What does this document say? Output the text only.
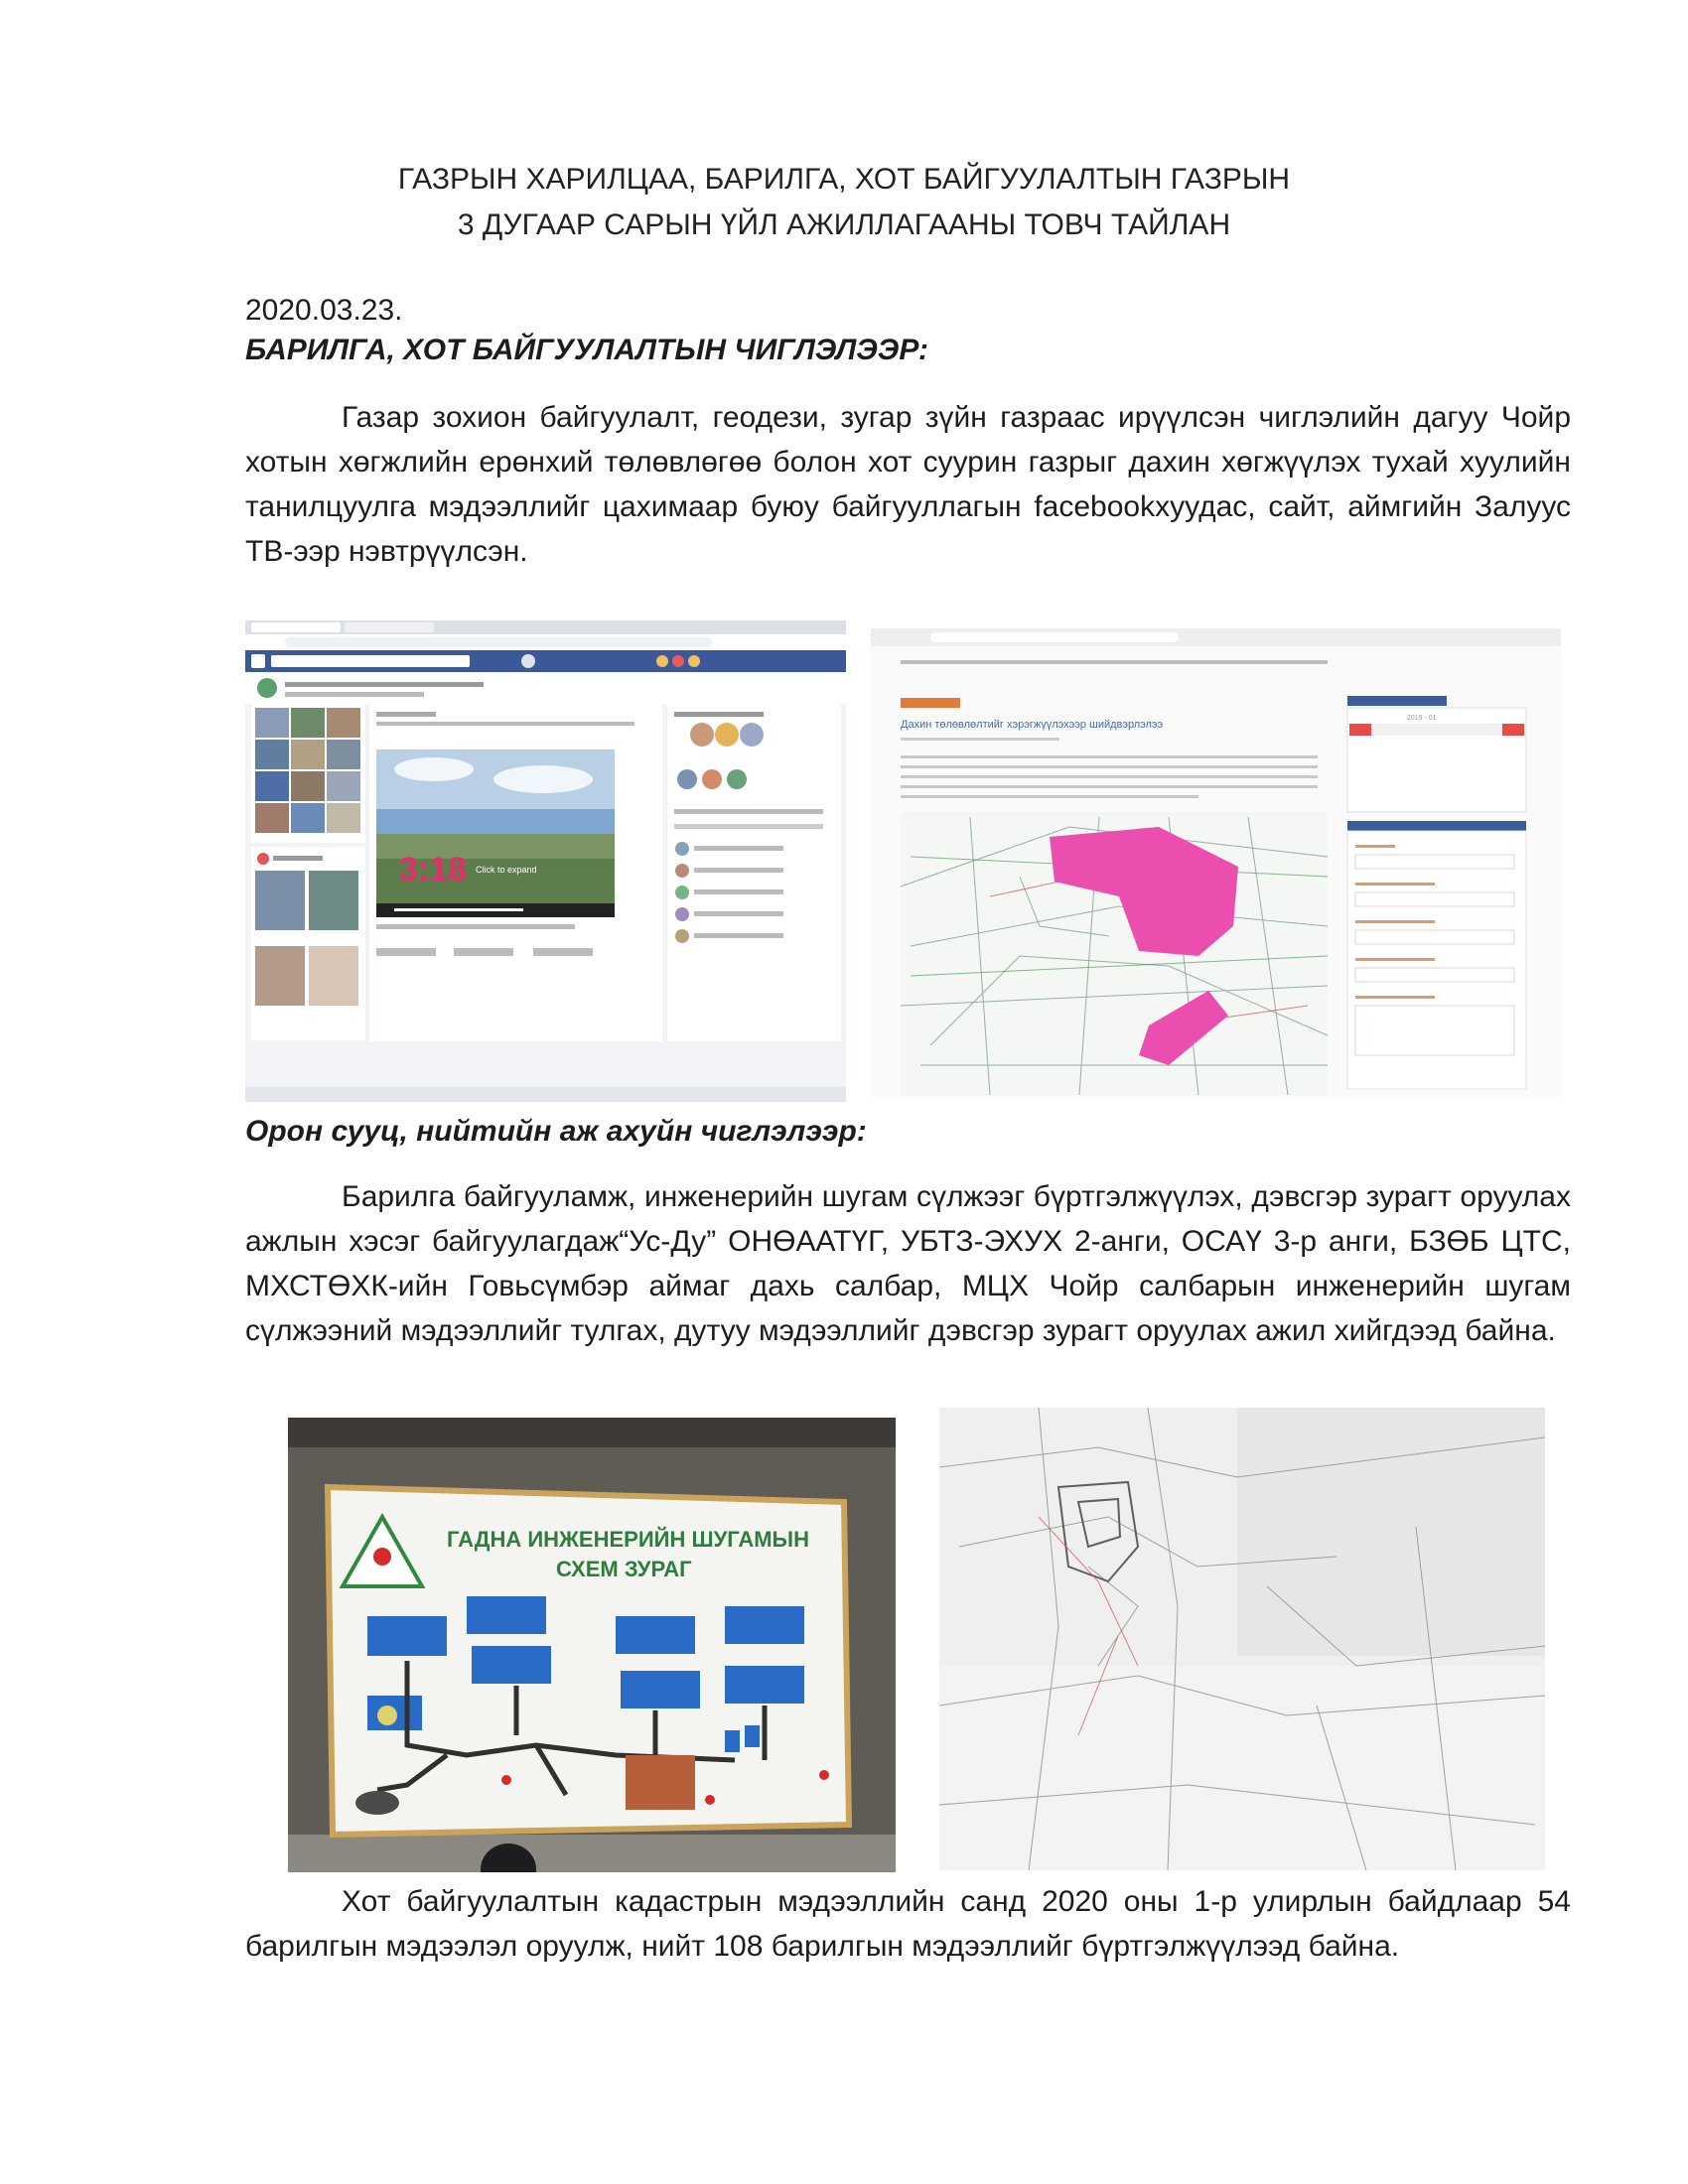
ГАЗРЫН ХАРИЛЦАА, БАРИЛГА, ХОТ БАЙГУУЛАЛТЫН ГАЗРЫН
3 ДУГААР САРЫН ҮЙЛ АЖИЛЛАГААНЫ ТОВЧ ТАЙЛАН
2020.03.23.
БАРИЛГА, ХОТ БАЙГУУЛАЛТЫН ЧИГЛЭЛЭЭР:

Газар зохион байгуулалт, геодези, зугар зүйн газраас ирүүлсэн чиглэлийн дагуу Чойр хотын хөгжлийн ерөнхий төлөвлөгөө болон хот суурин газрыг дахин хөгжүүлэх тухай хуулийн танилцуулга мэдээллийг цахимаар буюу байгууллагын facebookхуудас, сайт, аймгийн Залуус ТВ-ээр нэвтрүүлсэн.

3:18 Click to expand
Дахин төлөвлөлтийг хэрэгжүүлэхээр шийдвэрлэлээ
2019 - 01
Орон сууц, нийтийн аж ахуйн чиглэлээр:

Барилга байгууламж, инженерийн шугам сүлжээг бүртгэлжүүлэх, дэвсгэр зурагт оруулах ажлын хэсэг байгуулагдаж“Ус-Ду” ОНӨААТҮГ, УБТЗ-ЭХУХ 2-анги, ОСАҮ 3-р анги, БЗӨБ ЦТС, МХСТӨХК-ийн Говьсүмбэр аймаг дахь салбар, МЦХ Чойр салбарын инженерийн шугам сүлжээний мэдээллийг тулгах, дутуу мэдээллийг дэвсгэр зурагт оруулах ажил хийгдээд байна.

ГАДНА ИНЖЕНЕРИЙН ШУГАМЫН
СХЕМ ЗУРАГ

Хот байгуулалтын кадастрын мэдээллийн санд 2020 оны 1-р улирлын байдлаар 54 барилгын мэдээлэл оруулж, нийт 108 барилгын мэдээллийг бүртгэлжүүлээд байна.
